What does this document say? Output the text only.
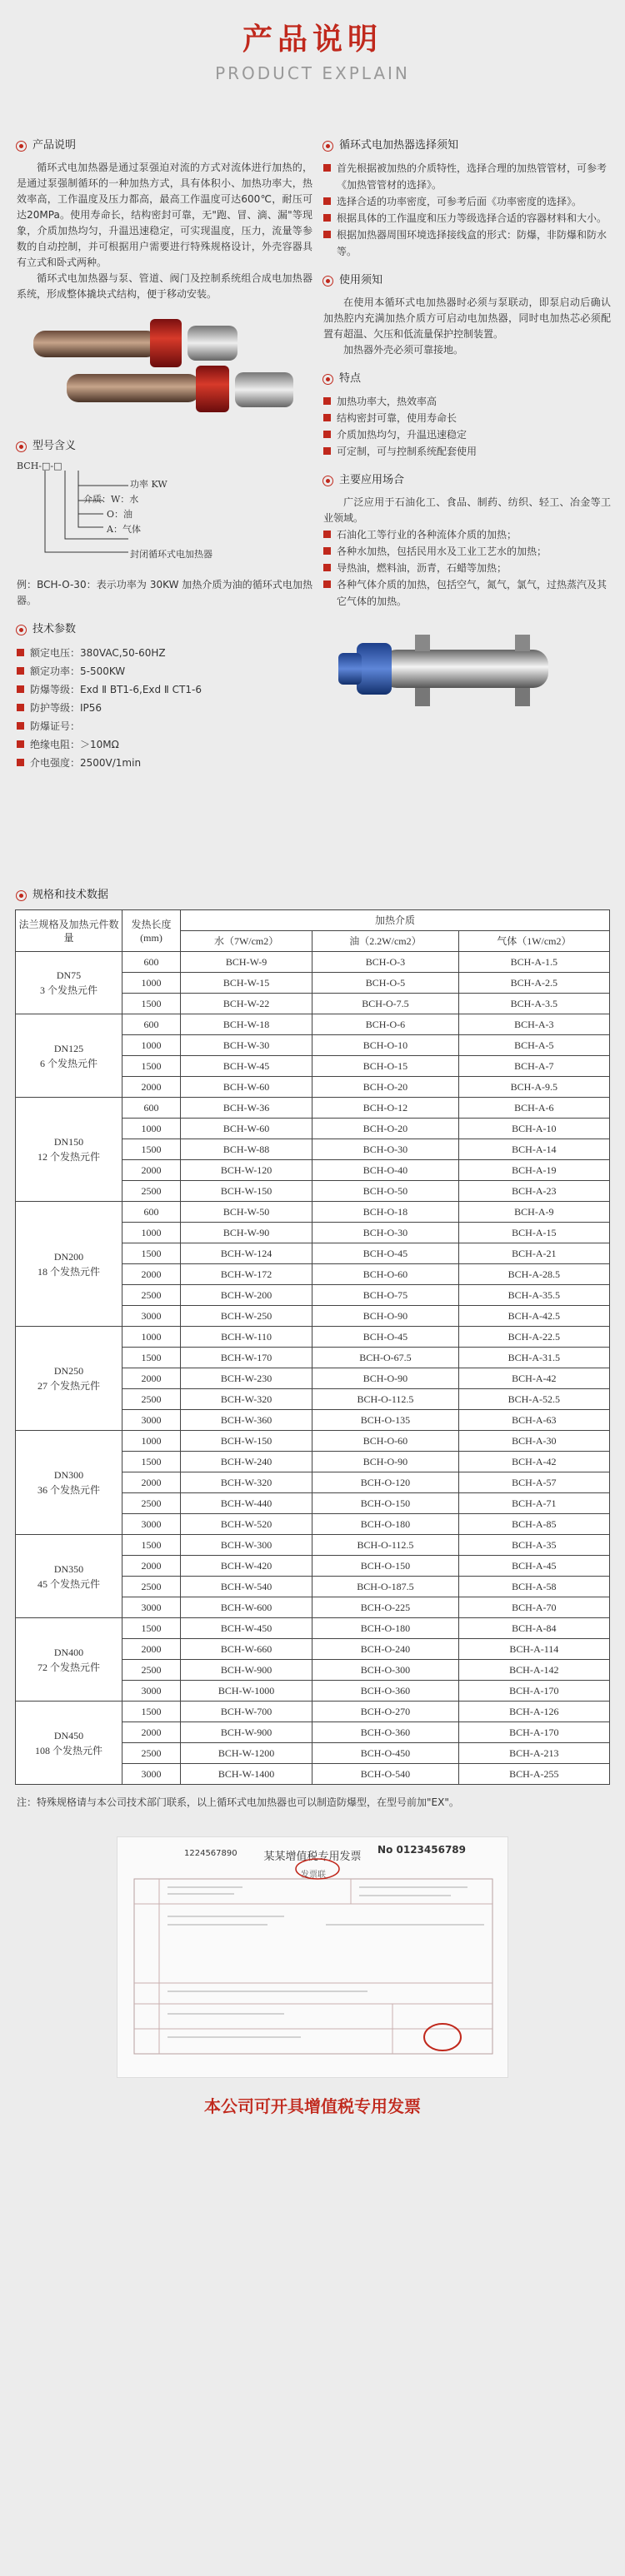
产品说明
PRODUCT EXPLAIN
产品说明
循环式电加热器是通过泵强迫对流的方式对流体进行加热的，是通过泵强制循环的一种加热方式，具有体积小、加热功率大，热效率高，工作温度及压力都高，最高工作温度可达600℃，耐压可达20MPa。使用寿命长，结构密封可靠，无"跑、冒、滴、漏"等现象，介质加热均匀，升温迅速稳定，可实现温度，压力，流量等参数的自动控制，并可根据用户需要进行特殊规格设计，外壳容器具有立式和卧式两种。
循环式电加热器与泵、管道、阀门及控制系统组合成电加热器系统，形成整体撬块式结构，便于移动安装。
型号含义
BCH-□-□
功率 KW
介质：W：水
O：油
A：气体
封闭循环式电加热器
例：BCH-O-30：表示功率为 30KW 加热介质为油的循环式电加热器。
技术参数
额定电压：380VAC,50-60HZ
额定功率：5-500KW
防爆等级：Exd Ⅱ BT1-6,Exd Ⅱ CT1-6
防护等级：IP56
防爆证号：
绝缘电阻：＞10MΩ
介电强度：2500V/1min
循环式电加热器选择须知
首先根据被加热的介质特性，选择合理的加热管管材，可参考《加热管管材的选择》。
选择合适的功率密度，可参考后面《功率密度的选择》。
根据具体的工作温度和压力等级选择合适的容器材料和大小。
根据加热器周围环境选择接线盒的形式：防爆，非防爆和防水等。
使用须知
在使用本循环式电加热器时必须与泵联动，即泵启动后确认加热腔内充满加热介质方可启动电加热器，同时电加热芯必须配置有超温、欠压和低流量保护控制装置。
加热器外壳必须可靠接地。
特点
加热功率大，热效率高
结构密封可靠，使用寿命长
介质加热均匀，升温迅速稳定
可定制，可与控制系统配套使用
主要应用场合
广泛应用于石油化工、食品、制药、纺织、轻工、冶金等工业领域。
石油化工等行业的各种流体介质的加热；
各种水加热，包括民用水及工业工艺水的加热；
导热油，燃料油，沥青，石蜡等加热；
各种气体介质的加热，包括空气，氮气，氯气，过热蒸汽及其它气体的加热。
规格和技术数据
法兰规格及加热元件数量	发热长度(mm)	加热介质		
		水（7W/cm2）	油（2.2W/cm2）	气体（1W/cm2）
DN75
3 个发热元件	600	BCH-W-9	BCH-O-3	BCH-A-1.5
	1000	BCH-W-15	BCH-O-5	BCH-A-2.5
	1500	BCH-W-22	BCH-O-7.5	BCH-A-3.5
DN125
6 个发热元件	600	BCH-W-18	BCH-O-6	BCH-A-3
	1000	BCH-W-30	BCH-O-10	BCH-A-5
	1500	BCH-W-45	BCH-O-15	BCH-A-7
	2000	BCH-W-60	BCH-O-20	BCH-A-9.5
DN150
12 个发热元件	600	BCH-W-36	BCH-O-12	BCH-A-6
	1000	BCH-W-60	BCH-O-20	BCH-A-10
	1500	BCH-W-88	BCH-O-30	BCH-A-14
	2000	BCH-W-120	BCH-O-40	BCH-A-19
	2500	BCH-W-150	BCH-O-50	BCH-A-23
DN200
18 个发热元件	600	BCH-W-50	BCH-O-18	BCH-A-9
	1000	BCH-W-90	BCH-O-30	BCH-A-15
	1500	BCH-W-124	BCH-O-45	BCH-A-21
	2000	BCH-W-172	BCH-O-60	BCH-A-28.5
	2500	BCH-W-200	BCH-O-75	BCH-A-35.5
	3000	BCH-W-250	BCH-O-90	BCH-A-42.5
DN250
27 个发热元件	1000	BCH-W-110	BCH-O-45	BCH-A-22.5
	1500	BCH-W-170	BCH-O-67.5	BCH-A-31.5
	2000	BCH-W-230	BCH-O-90	BCH-A-42
	2500	BCH-W-320	BCH-O-112.5	BCH-A-52.5
	3000	BCH-W-360	BCH-O-135	BCH-A-63
DN300
36 个发热元件	1000	BCH-W-150	BCH-O-60	BCH-A-30
	1500	BCH-W-240	BCH-O-90	BCH-A-42
	2000	BCH-W-320	BCH-O-120	BCH-A-57
	2500	BCH-W-440	BCH-O-150	BCH-A-71
	3000	BCH-W-520	BCH-O-180	BCH-A-85
DN350
45 个发热元件	1500	BCH-W-300	BCH-O-112.5	BCH-A-35
	2000	BCH-W-420	BCH-O-150	BCH-A-45
	2500	BCH-W-540	BCH-O-187.5	BCH-A-58
	3000	BCH-W-600	BCH-O-225	BCH-A-70
DN400
72 个发热元件	1500	BCH-W-450	BCH-O-180	BCH-A-84
	2000	BCH-W-660	BCH-O-240	BCH-A-114
	2500	BCH-W-900	BCH-O-300	BCH-A-142
	3000	BCH-W-1000	BCH-O-360	BCH-A-170
DN450
108 个发热元件	1500	BCH-W-700	BCH-O-270	BCH-A-126
	2000	BCH-W-900	BCH-O-360	BCH-A-170
	2500	BCH-W-1200	BCH-O-450	BCH-A-213
	3000	BCH-W-1400	BCH-O-540	BCH-A-255
注：特殊规格请与本公司技术部门联系，以上循环式电加热器也可以制造防爆型，在型号前加"EX"。
某某增值税专用发票
1224567890	No 0123456789
发票联
本公司可开具增值税专用发票
